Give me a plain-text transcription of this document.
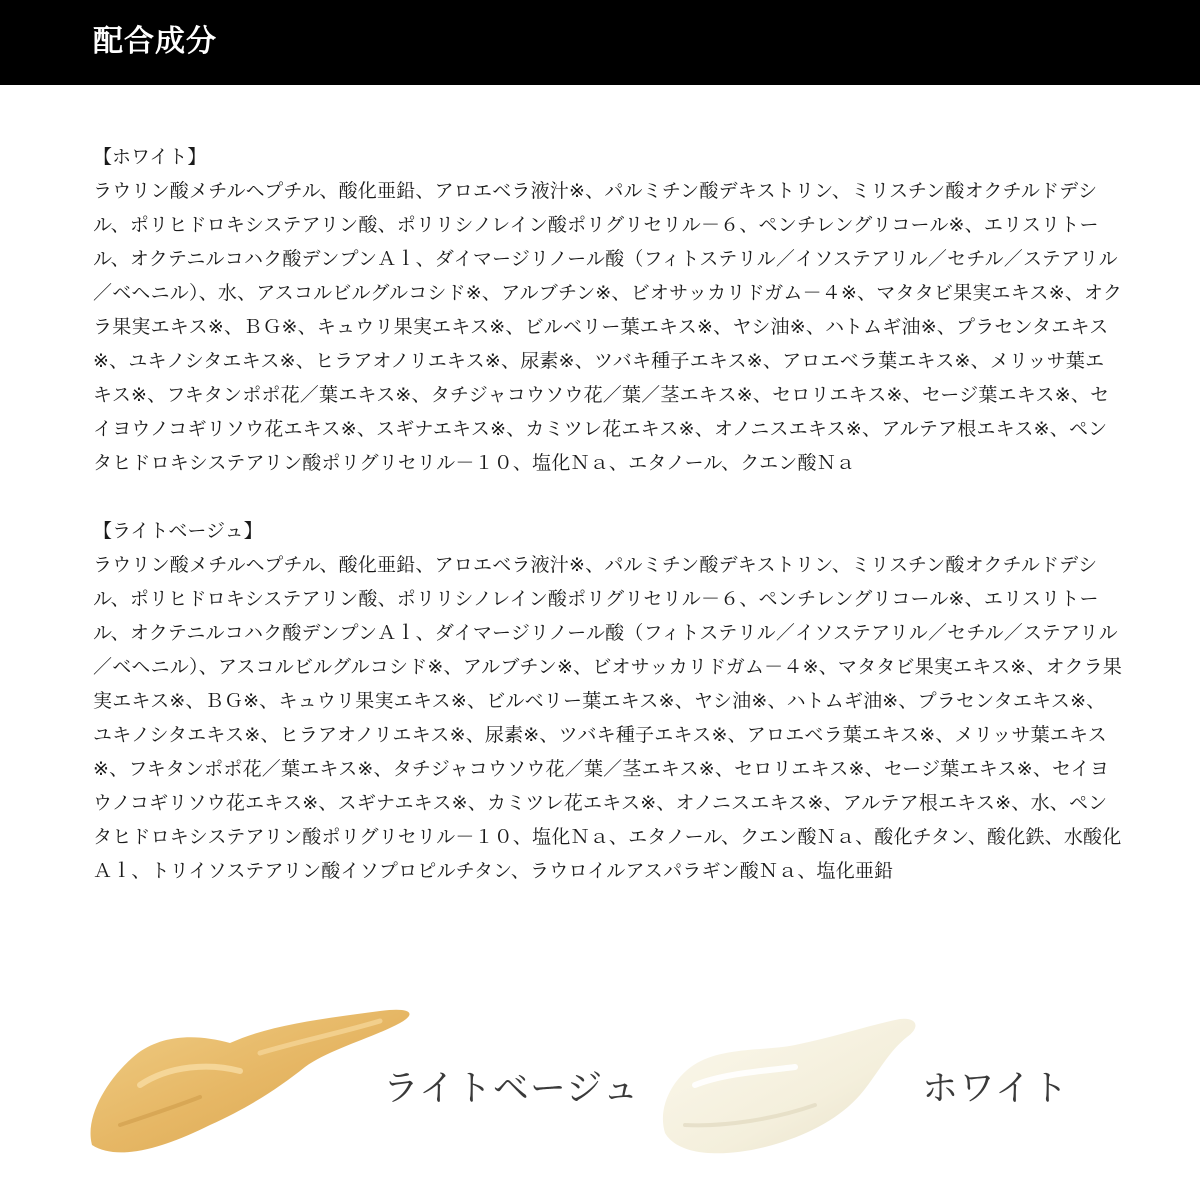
配合成分

【ホワイト】

ラウリン酸メチルヘプチル、酸化亜鉛、アロエベラ液汁※、パルミチン酸デキストリン、ミリスチン酸オクチルドデシル、ポリヒドロキシステアリン酸、ポリリシノレイン酸ポリグリセリル－６、ペンチレングリコール※、エリスリトール、オクテニルコハク酸デンプンＡｌ、ダイマージリノール酸（フィトステリル／イソステアリル／セチル／ステアリル／ベヘニル）、水、アスコルビルグルコシド※、アルブチン※、ビオサッカリドガム－４※、マタタビ果実エキス※、オクラ果実エキス※、ＢＧ※、キュウリ果実エキス※、ビルベリー葉エキス※、ヤシ油※、ハトムギ油※、プラセンタエキス※、ユキノシタエキス※、ヒラアオノリエキス※、尿素※、ツバキ種子エキス※、アロエベラ葉エキス※、メリッサ葉エキス※、フキタンポポ花／葉エキス※、タチジャコウソウ花／葉／茎エキス※、セロリエキス※、セージ葉エキス※、セイヨウノコギリソウ花エキス※、スギナエキス※、カミツレ花エキス※、オノニスエキス※、アルテア根エキス※、ペンタヒドロキシステアリン酸ポリグリセリル－１０、塩化Ｎａ、エタノール、クエン酸Ｎａ

【ライトベージュ】

ラウリン酸メチルヘプチル、酸化亜鉛、アロエベラ液汁※、パルミチン酸デキストリン、ミリスチン酸オクチルドデシル、ポリヒドロキシステアリン酸、ポリリシノレイン酸ポリグリセリル－６、ペンチレングリコール※、エリスリトール、オクテニルコハク酸デンプンＡｌ、ダイマージリノール酸（フィトステリル／イソステアリル／セチル／ステアリル／ベヘニル）、アスコルビルグルコシド※、アルブチン※、ビオサッカリドガム－４※、マタタビ果実エキス※、オクラ果実エキス※、ＢＧ※、キュウリ果実エキス※、ビルベリー葉エキス※、ヤシ油※、ハトムギ油※、プラセンタエキス※、ユキノシタエキス※、ヒラアオノリエキス※、尿素※、ツバキ種子エキス※、アロエベラ葉エキス※、メリッサ葉エキス※、フキタンポポ花／葉エキス※、タチジャコウソウ花／葉／茎エキス※、セロリエキス※、セージ葉エキス※、セイヨウノコギリソウ花エキス※、スギナエキス※、カミツレ花エキス※、オノニスエキス※、アルテア根エキス※、水、ペンタヒドロキシステアリン酸ポリグリセリル－１０、塩化Ｎａ、エタノール、クエン酸Ｎａ、酸化チタン、酸化鉄、水酸化Ａｌ、トリイソステアリン酸イソプロピルチタン、ラウロイルアスパラギン酸Ｎａ、塩化亜鉛

ライトベージュ	ホワイト
